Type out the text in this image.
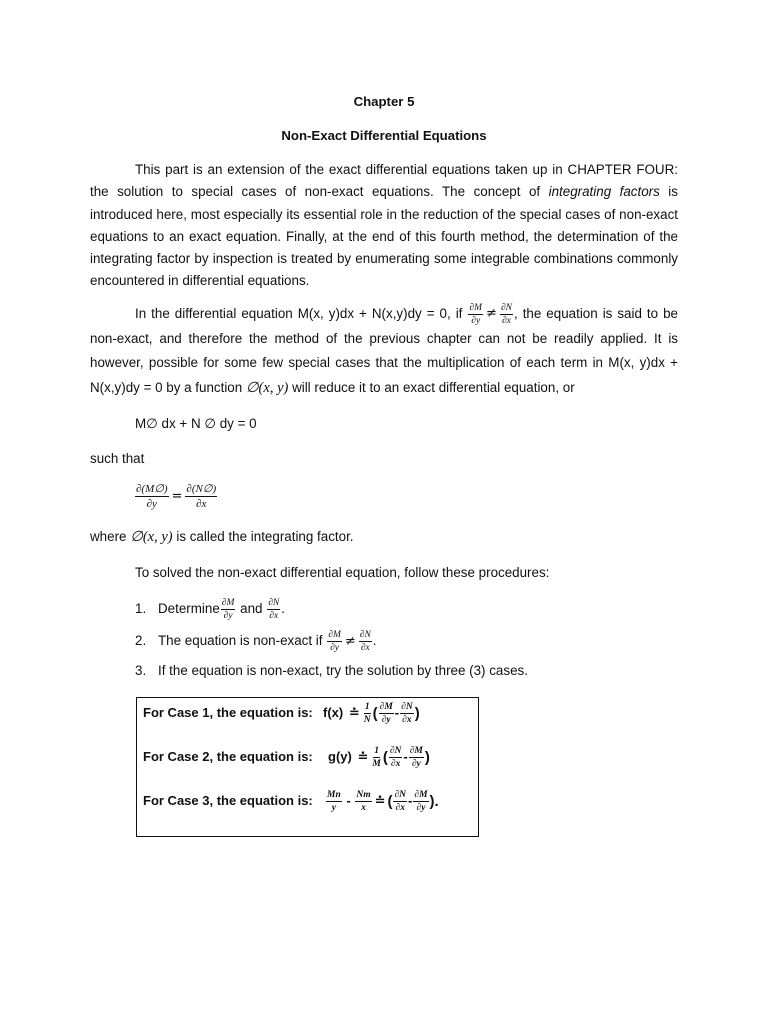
Chapter 5
Non-Exact Differential Equations

This part is an extension of the exact differential equations taken up in CHAPTER FOUR: the solution to special cases of non-exact equations. The concept of integrating factors is introduced here, most especially its essential role in the reduction of the special cases of non-exact equations to an exact equation. Finally, at the end of this fourth method, the determination of the integrating factor by inspection is treated by enumerating some integrable combinations commonly encountered in differential equations.

In the differential equation M(x, y)dx + N(x,y)dy = 0, if $\frac{\partial M}{\partial y} \ne \frac{\partial N}{\partial x}$ , the equation is said to be non-exact, and therefore the method of the previous chapter can not be readily applied. It is however, possible for some few special cases that the multiplication of each term in M(x, y)dx + N(x,y)dy = 0 by a function ∅(x, y) will reduce it to an exact differential equation, or

M∅ dx + N ∅ dy = 0
such that
$\frac{\partial(M\emptyset)}{\partial y} = \frac{\partial(N\emptyset)}{\partial x}$
where ∅(x, y) is called the integrating factor.
To solved the non-exact differential equation, follow these procedures:
1. Determine $\frac{\partial M}{\partial y}$ and $\frac{\partial N}{\partial x}$ .
2. The equation is non-exact if $\frac{\partial M}{\partial y} \ne \frac{\partial N}{\partial x}$ .
3. If the equation is non-exact, try the solution by three (3) cases.
For Case 1, the equation is: f(x) ≐ $\frac{1}{N}$ ( $\frac{\partial M}{\partial y} - \frac{\partial N}{\partial x}$ )
For Case 2, the equation is: g(y) ≐ $\frac{1}{M}$ ( $\frac{\partial N}{\partial x} - \frac{\partial M}{\partial y}$ )
For Case 3, the equation is: $\frac{Mn}{y} - \frac{Nm}{x}$ ≐ ( $\frac{\partial N}{\partial x} - \frac{\partial M}{\partial y}$ ).
